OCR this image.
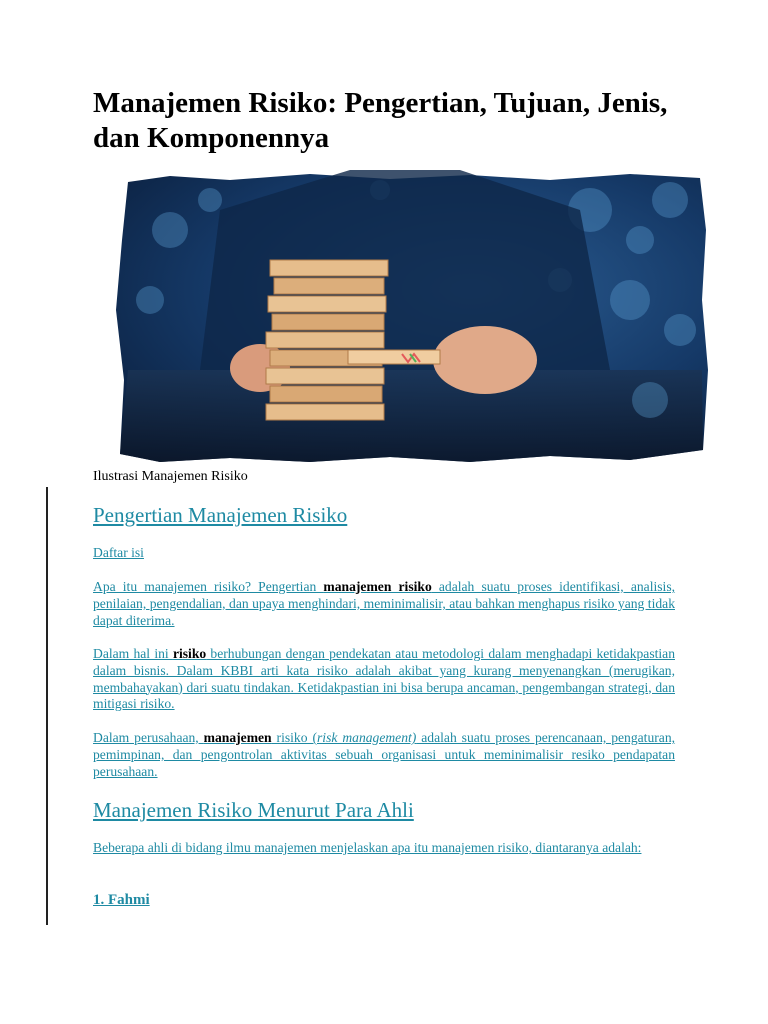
Manajemen Risiko: Pengertian, Tujuan, Jenis, dan Komponennya
Ilustrasi Manajemen Risiko
Pengertian Manajemen Risiko

Daftar isi

Apa itu manajemen risiko? Pengertian manajemen risiko adalah suatu proses identifikasi, analisis, penilaian, pengendalian, dan upaya menghindari, meminimalisir, atau bahkan menghapus risiko yang tidak dapat diterima.

Dalam hal ini risiko berhubungan dengan pendekatan atau metodologi dalam menghadapi ketidakpastian dalam bisnis. Dalam KBBI arti kata risiko adalah akibat yang kurang menyenangkan (merugikan, membahayakan) dari suatu tindakan. Ketidakpastian ini bisa berupa ancaman, pengembangan strategi, dan mitigasi risiko.

Dalam perusahaan, manajemen risiko (risk management) adalah suatu proses perencanaan, pengaturan, pemimpinan, dan pengontrolan aktivitas sebuah organisasi untuk meminimalisir resiko pendapatan perusahaan.

Manajemen Risiko Menurut Para Ahli

Beberapa ahli di bidang ilmu manajemen menjelaskan apa itu manajemen risiko, diantaranya adalah:

1. Fahmi
